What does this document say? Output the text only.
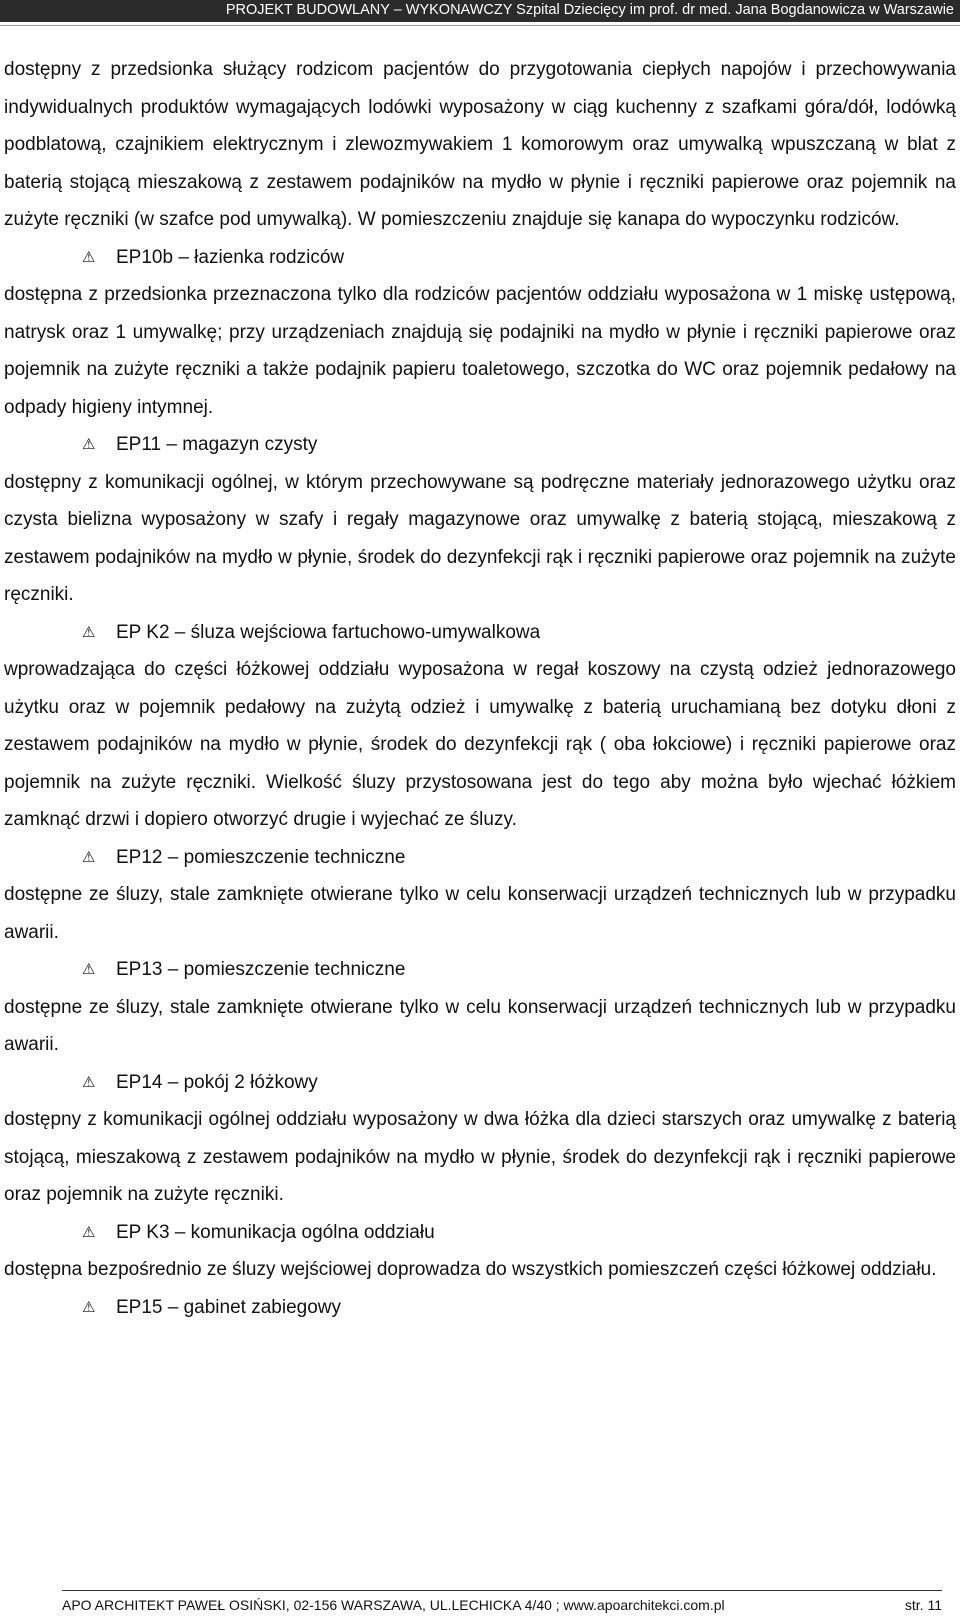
PROJEKT BUDOWLANY – WYKONAWCZY Szpital Dziecięcy im prof. dr med. Jana Bogdanowicza w Warszawie

dostępny z przedsionka służący rodzicom pacjentów do przygotowania ciepłych napojów i przechowywania indywidualnych produktów wymagających lodówki wyposażony w ciąg kuchenny z szafkami góra/dół, lodówką podblatową, czajnikiem elektrycznym i zlewozmywakiem 1 komorowym oraz umywalką wpuszczaną w blat z baterią stojącą mieszakową z zestawem podajników na mydło w płynie i ręczniki papierowe oraz pojemnik na zużyte ręczniki (w szafce pod umywalką). W pomieszczeniu znajduje się kanapa do wypoczynku rodziców.

⚠	EP10b – łazienka rodziców

dostępna z przedsionka przeznaczona tylko dla rodziców pacjentów oddziału wyposażona w 1 miskę ustępową, natrysk oraz 1 umywalkę; przy urządzeniach znajdują się podajniki na mydło w płynie i ręczniki papierowe oraz pojemnik na zużyte ręczniki a także podajnik papieru toaletowego, szczotka do WC oraz pojemnik pedałowy na odpady higieny intymnej.

⚠	EP11 – magazyn czysty

dostępny z komunikacji ogólnej, w którym przechowywane są podręczne materiały jednorazowego użytku oraz czysta bielizna wyposażony w szafy i regały magazynowe oraz umywalkę z baterią stojącą, mieszakową z zestawem podajników na mydło w płynie, środek do dezynfekcji rąk i ręczniki papierowe oraz pojemnik na zużyte ręczniki.

⚠	EP K2 – śluza wejściowa fartuchowo-umywalkowa

wprowadzająca do części łóżkowej oddziału wyposażona w regał koszowy na czystą odzież jednorazowego użytku oraz w pojemnik pedałowy na zużytą odzież i umywalkę z baterią uruchamianą bez dotyku dłoni z zestawem podajników na mydło w płynie, środek do dezynfekcji rąk ( oba łokciowe) i ręczniki papierowe oraz pojemnik na zużyte ręczniki. Wielkość śluzy przystosowana jest do tego aby można było wjechać łóżkiem zamknąć drzwi i dopiero otworzyć drugie i wyjechać ze śluzy.

⚠	EP12 – pomieszczenie techniczne

dostępne ze śluzy, stale zamknięte otwierane tylko w celu konserwacji urządzeń technicznych lub w przypadku awarii.

⚠	EP13 – pomieszczenie techniczne

dostępne ze śluzy, stale zamknięte otwierane tylko w celu konserwacji urządzeń technicznych lub w przypadku awarii.

⚠	EP14 – pokój 2 łóżkowy

dostępny z komunikacji ogólnej oddziału wyposażony w dwa łóżka dla dzieci starszych oraz umywalkę z baterią stojącą, mieszakową z zestawem podajników na mydło w płynie, środek do dezynfekcji rąk i ręczniki papierowe oraz pojemnik na zużyte ręczniki.

⚠	EP K3 – komunikacja ogólna oddziału

dostępna bezpośrednio ze śluzy wejściowej doprowadza do wszystkich pomieszczeń części łóżkowej oddziału.

⚠	EP15 – gabinet zabiegowy
APO ARCHITEKT PAWEŁ OSIŃSKI, 02-156 WARSZAWA, UL.LECHICKA 4/40 ; www.apoarchitekci.com.pl	str. 11
